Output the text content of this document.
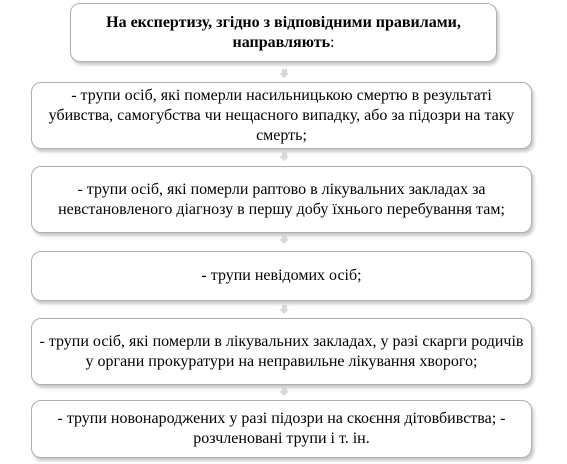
На експертизу, згідно з відповідними правилами, направляють:
- трупи осіб, які померли насильницькою смертю в результаті убивства, самогубства чи нещасного випадку, або за підозри на таку смерть;
- трупи осіб, які померли раптово в лікувальних закладах за невстановленого діагнозу в першу добу їхнього перебування там;
- трупи невідомих осіб;
- трупи осіб, які померли в лікувальних закладах, у разі скарги родичів у органи прокуратури на неправильне лікування хворого;
- трупи новонароджених у разі підозри на скоєння дітовбивства; - розчленовані трупи і т. ін.
